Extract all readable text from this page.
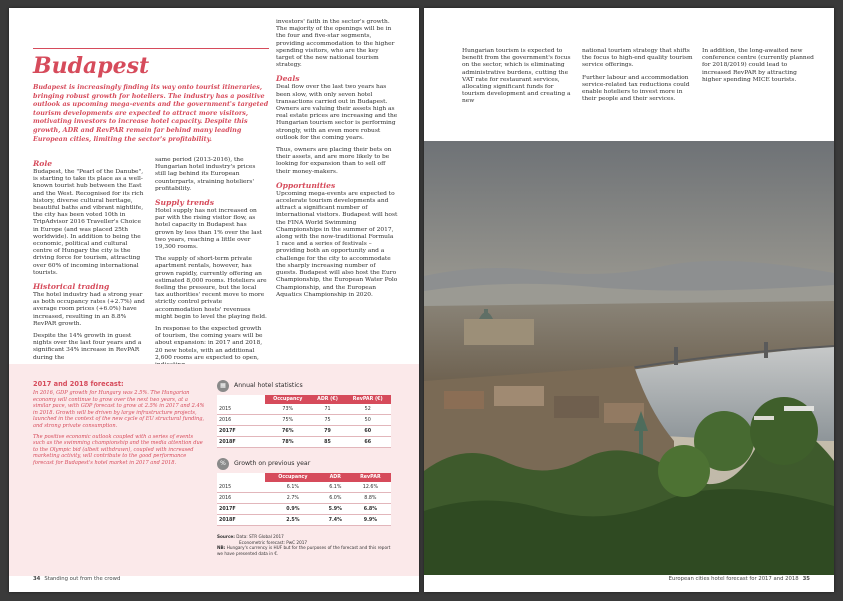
Budapest

Budapest is increasingly finding its way onto tourist itineraries, bringing robust growth for hoteliers. The industry has a positive outlook as upcoming mega-events and the government's targeted tourism developments are expected to attract more visitors, motivating investors to increase hotel capacity. Despite this growth, ADR and RevPAR remain far behind many leading European cities, limiting the sector's profitability.

Role

Budapest, the "Pearl of the Danube", is starting to take its place as a well-known tourist hub between the East and the West. Recognised for its rich history, diverse cultural heritage, beautiful baths and vibrant nightlife, the city has been voted 10th in TripAdvisor 2016 Traveller's Choice in Europe (and was placed 25th worldwide). In addition to being the economic, political and cultural centre of Hungary the city is the driving force for tourism, attracting over 60% of incoming international tourists.

Historical trading

The hotel industry had a strong year as both occupancy rates (+2.7%) and average room prices (+6.0%) have increased, resulting in an 8.8% RevPAR growth.

Despite the 14% growth in guest nights over the last four years and a significant 34% increase in RevPAR during the

same period (2013-2016), the Hungarian hotel industry's prices still lag behind its European counterparts, straining hoteliers' profitability.

Supply trends

Hotel supply has not increased on par with the rising visitor flow, as hotel capacity in Budapest has grown by less than 1% over the last two years, reaching a little over 19,300 rooms.

The supply of short-term private apartment rentals, however, has grown rapidly, currently offering an estimated 8,000 rooms. Hoteliers are feeling the pressure, but the local tax authorities' recent move to more strictly control private accommodation hosts' revenues might begin to level the playing field.

In response to the expected growth of tourism, the coming years will be about expansion: in 2017 and 2018, 20 new hotels, with an additional 2,600 rooms are expected to open,

investors' faith in the sector's growth. The majority of the openings will be in the four and five-star segments, providing accommodation to the higher spending visitors, who are the key target of the new national tourism strategy.

Deals

Deal flow over the last two years has been slow, with only seven hotel transactions carried out in Budapest. Owners are valuing their assets high as real estate prices are increasing and the Hungarian tourism sector is performing strongly, with an even more robust outlook for the coming years.

Thus, owners are placing their bets on their assets, and are more likely to be looking for expansion than to sell off their money-makers.

Opportunities

Upcoming mega-events are expected to accelerate tourism developments and attract a significant number of international visitors. Budapest will host the FINA World Swimming Championships in the summer of 2017, along with the now-traditional Formula 1 race and a series of festivals – providing both an opportunity and a challenge for the city to accommodate the sharply increasing number of guests. Budapest will also host the Euro Championship, the European Water Polo Championship, and the European Aquatics Championship in 2020.

2017 and 2018 forecast:

In 2016, GDP growth for Hungary was 2.5%. The Hungarian economy will continue to grow over the next two years, at a similar pace, with GDP forecast to grow at 2.5% in 2017 and 2.4% in 2018. Growth will be driven by large infrastructure projects, launched in the context of the new cycle of EU structural funding, and strong private consumption.

The positive economic outlook coupled with a series of events such as the swimming championship and the media attention due to the Olympic bid (albeit withdrawn), coupled with increased marketing activity, will contribute to the good performance forecast for Budapest's hotel market in 2017 and 2018.

▦	Annual hotel statistics
	Occupancy	ADR (€)	RevPAR (€)
2015	73%	71	52
2016	75%	75	50
2017F	76%	79	60
2018F	78%	85	66
%	Growth on previous year
	Occupancy	ADR	RevPAR
2015	6.1%	6.1%	12.6%
2016	2.7%	6.0%	8.8%
2017F	0.9%	5.9%	6.8%
2018F	2.5%	7.4%	9.9%

Source: Data: STR Global 2017

Econometric forecast: PwC 2017

NB: Hungary's currency is HUF but for the purposes of the forecast and this report we have presented data in €.

34 Standing out from the crowd

Hungarian tourism is expected to benefit from the government's focus on the sector, which is eliminating administrative burdens, cutting the VAT rate for restaurant services, allocating significant funds for tourism development and creating a new

national tourism strategy that shifts the focus to high-end quality tourism service offerings.

Further labour and accommodation service-related tax reductions could enable hoteliers to invest more in their people and their services.

In addition, the long-awaited new conference centre (currently planned for 2018/2019) could lead to increased RevPAR by attracting higher spending MICE tourists.

European cities hotel forecast for 2017 and 2018 35
